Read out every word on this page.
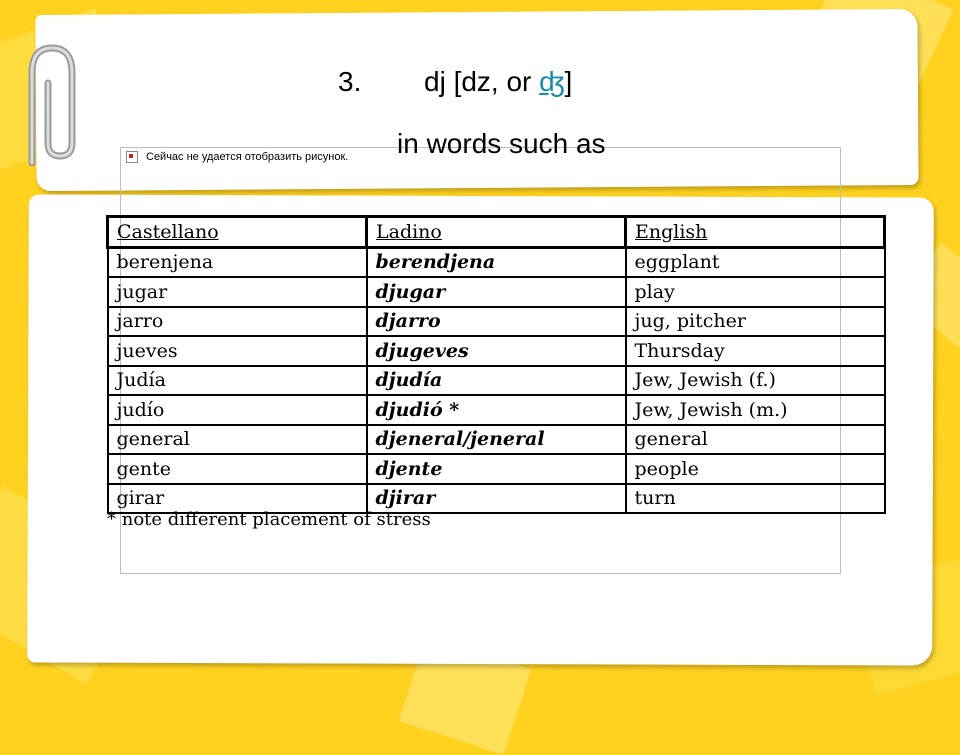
3. dj [dz, or ʤ]
Сейчас не удается отобразить рисунок. in words such as
Castellano	Ladino	English
berenjena	berendjena	eggplant
jugar	djugar	play
jarro	djarro	jug, pitcher
jueves	djugeves	Thursday
Judía	djudía	Jew, Jewish (f.)
judío	djudió *	Jew, Jewish (m.)
general	djeneral/jeneral	general
gente	djente	people
girar	djirar	turn
* note different placement of stress
